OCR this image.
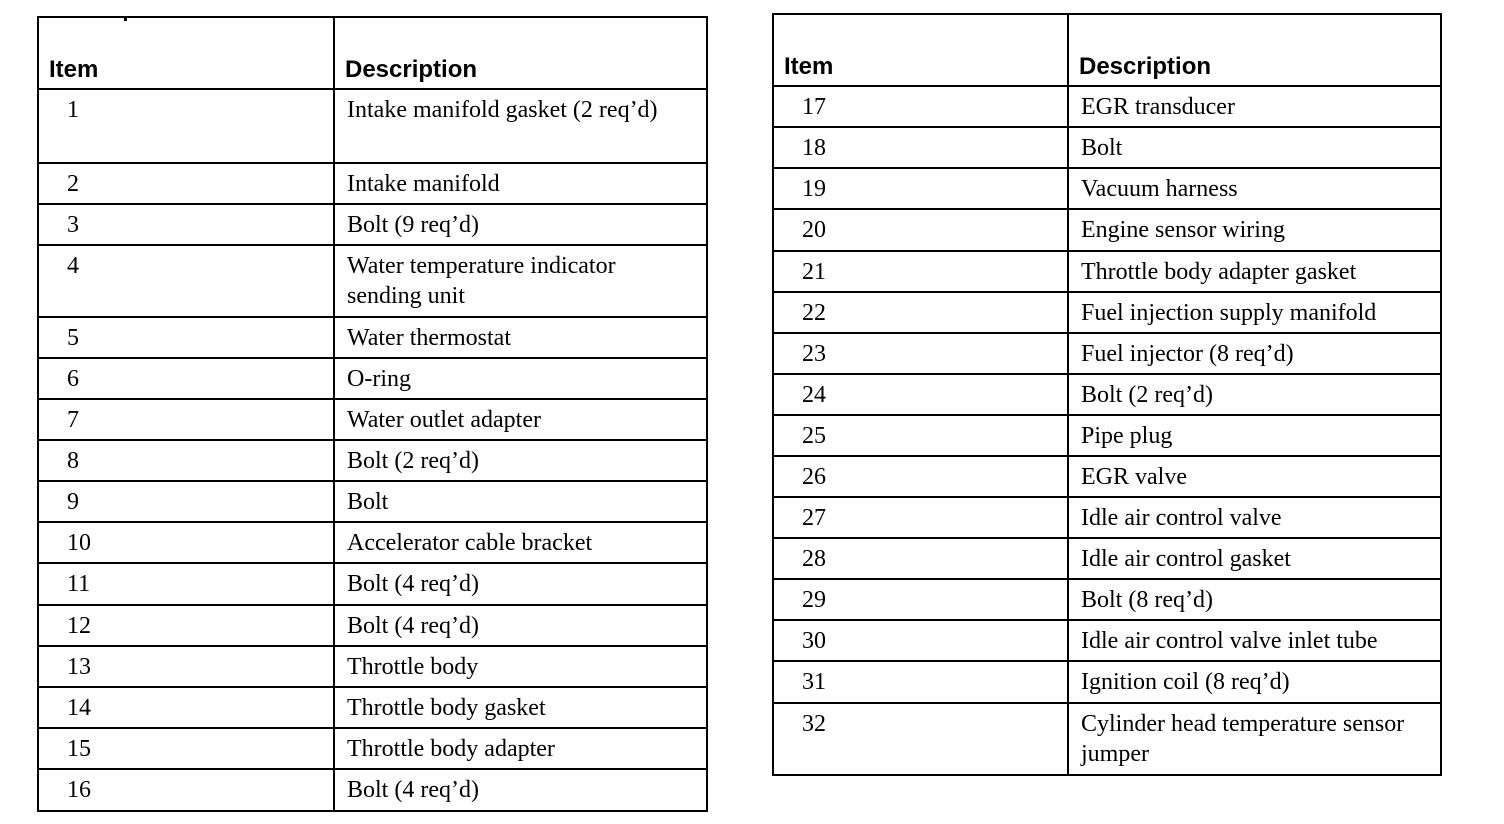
Item	Description
1	Intake manifold gasket (2 req’d)
2	Intake manifold
3	Bolt (9 req’d)
4	Water temperature indicator sending unit
5	Water thermostat
6	O-ring
7	Water outlet adapter
8	Bolt (2 req’d)
9	Bolt
10	Accelerator cable bracket
11	Bolt (4 req’d)
12	Bolt (4 req’d)
13	Throttle body
14	Throttle body gasket
15	Throttle body adapter
16	Bolt (4 req’d)
Item	Description
17	EGR transducer
18	Bolt
19	Vacuum harness
20	Engine sensor wiring
21	Throttle body adapter gasket
22	Fuel injection supply manifold
23	Fuel injector (8 req’d)
24	Bolt (2 req’d)
25	Pipe plug
26	EGR valve
27	Idle air control valve
28	Idle air control gasket
29	Bolt (8 req’d)
30	Idle air control valve inlet tube
31	Ignition coil (8 req’d)
32	Cylinder head temperature sensor jumper
